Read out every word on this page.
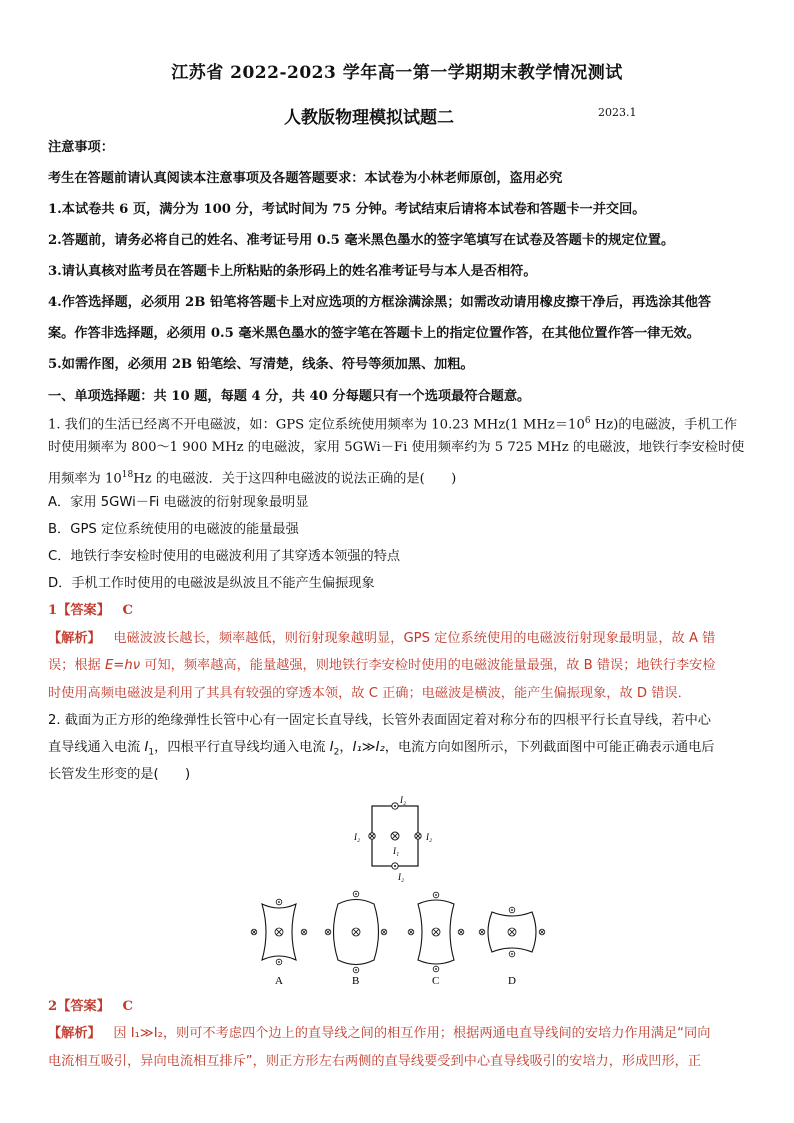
江苏省 2022-2023 学年高一第一学期期末教学情况测试
人教版物理模拟试题二	2023.1
注意事项：
考生在答题前请认真阅读本注意事项及各题答题要求：本试卷为小林老师原创，盗用必究
1.本试卷共 6 页，满分为 100 分，考试时间为 75 分钟。考试结束后请将本试卷和答题卡一并交回。
2.答题前，请务必将自己的姓名、准考证号用 0.5 毫米黑色墨水的签字笔填写在试卷及答题卡的规定位置。
3.请认真核对监考员在答题卡上所粘贴的条形码上的姓名准考证号与本人是否相符。
4.作答选择题，必须用 2B 铅笔将答题卡上对应选项的方框涂满涂黑；如需改动请用橡皮擦干净后，再选涂其他答
案。作答非选择题，必须用 0.5 毫米黑色墨水的签字笔在答题卡上的指定位置作答，在其他位置作答一律无效。
5.如需作图，必须用 2B 铅笔绘、写清楚，线条、符号等须加黑、加粗。
一、单项选择题：共 10 题，每题 4 分，共 40 分每题只有一个选项最符合题意。
1. 我们的生活已经离不开电磁波，如：GPS 定位系统使用频率为 10.23 MHz(1 $MHz=10^6$ Hz)的电磁波，手机工作
时使用频率为 800～1 900 MHz 的电磁波，家用 5GWi－Fi 使用频率约为 5 725 MHz 的电磁波，地铁行李安检时使
用频率为 $10^{18}Hz$ 的电磁波．关于这四种电磁波的说法正确的是(　　)
A．家用 5GWi－Fi 电磁波的衍射现象最明显
B．GPS 定位系统使用的电磁波的能量最强
C．地铁行李安检时使用的电磁波利用了其穿透本领强的特点
D．手机工作时使用的电磁波是纵波且不能产生偏振现象
1【答案】 C
【解析】 电磁波波长越长，频率越低，则衍射现象越明显，GPS 定位系统使用的电磁波衍射现象最明显，故 A 错
误；根据 E=hν 可知，频率越高，能量越强，则地铁行李安检时使用的电磁波能量最强，故 B 错误；地铁行李安检
时使用高频电磁波是利用了其具有较强的穿透本领，故 C 正确；电磁波是横波，能产生偏振现象，故 D 错误．
2. 截面为正方形的绝缘弹性长管中心有一固定长直导线，长管外表面固定着对称分布的四根平行长直导线，若中心
直导线通入电流 $I_1$，四根平行直导线均通入电流 $I_2$，I₁≫I₂，电流方向如图所示，下列截面图中可能正确表示通电后
长管发生形变的是(　　)
I₂
I₂
I₂	I₂
I₁
A	B	C	D
2【答案】 C
【解析】 因 I₁≫I₂，则可不考虑四个边上的直导线之间的相互作用；根据两通电直导线间的安培力作用满足“同向
电流相互吸引，异向电流相互排斥”，则正方形左右两侧的直导线要受到中心直导线吸引的安培力，形成凹形，正
